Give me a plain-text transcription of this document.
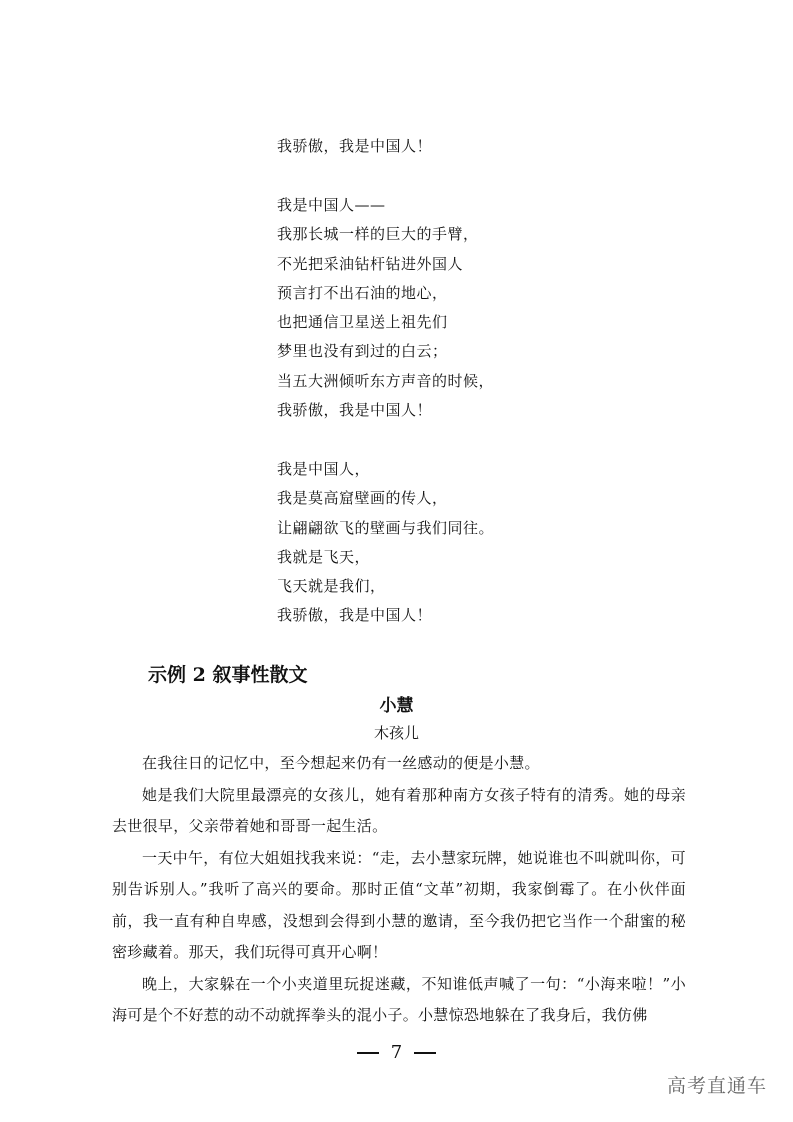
我骄傲，我是中国人！
我是中国人——
我那长城一样的巨大的手臂，
不光把采油钻杆钻进外国人
预言打不出石油的地心，
也把通信卫星送上祖先们
梦里也没有到过的白云；
当五大洲倾听东方声音的时候，
我骄傲，我是中国人！
我是中国人，
我是莫高窟壁画的传人，
让翩翩欲飞的壁画与我们同往。
我就是飞天，
飞天就是我们，
我骄傲，我是中国人！
示例 2 叙事性散文
小慧
木孩儿

在我往日的记忆中，至今想起来仍有一丝感动的便是小慧。

她是我们大院里最漂亮的女孩儿，她有着那种南方女孩子特有的清秀。她的母亲去世很早，父亲带着她和哥哥一起生活。

一天中午，有位大姐姐找我来说：“走，去小慧家玩牌，她说谁也不叫就叫你，可别告诉别人。”我听了高兴的要命。那时正值“文革”初期，我家倒霉了。在小伙伴面前，我一直有种自卑感，没想到会得到小慧的邀请，至今我仍把它当作一个甜蜜的秘密珍藏着。那天，我们玩得可真开心啊！

晚上，大家躲在一个小夹道里玩捉迷藏，不知谁低声喊了一句：“小海来啦！”小海可是个不好惹的动不动就挥拳头的混小子。小慧惊恐地躲在了我身后，我仿佛

7
高考直通车
